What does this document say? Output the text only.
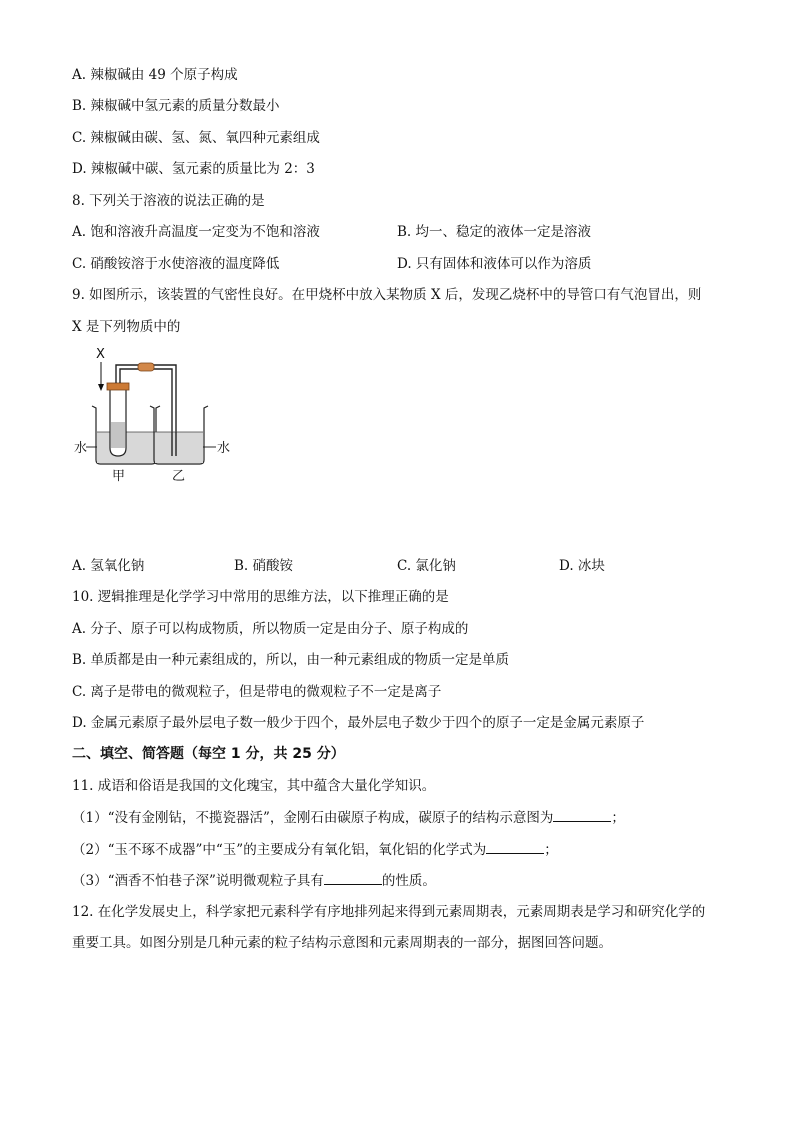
A. 辣椒碱由 49 个原子构成
B. 辣椒碱中氢元素的质量分数最小
C. 辣椒碱由碳、氢、氮、氧四种元素组成
D. 辣椒碱中碳、氢元素的质量比为 2：3
8. 下列关于溶液的说法正确的是
A. 饱和溶液升高温度一定变为不饱和溶液	B. 均一、稳定的液体一定是溶液
C. 硝酸铵溶于水使溶液的温度降低	D. 只有固体和液体可以作为溶质
9. 如图所示，该装置的气密性良好。在甲烧杯中放入某物质 X 后，发现乙烧杯中的导管口有气泡冒出，则
X 是下列物质中的
X
水	水
甲	乙
A. 氢氧化钠	B. 硝酸铵	C. 氯化钠	D. 冰块
10. 逻辑推理是化学学习中常用的思维方法，以下推理正确的是
A. 分子、原子可以构成物质，所以物质一定是由分子、原子构成的
B. 单质都是由一种元素组成的，所以，由一种元素组成的物质一定是单质
C. 离子是带电的微观粒子，但是带电的微观粒子不一定是离子
D. 金属元素原子最外层电子数一般少于四个，最外层电子数少于四个的原子一定是金属元素原子
二、填空、简答题（每空 1 分，共 25 分）
11. 成语和俗语是我国的文化瑰宝，其中蕴含大量化学知识。
（1）“没有金刚钻，不揽瓷器活”，金刚石由碳原子构成，碳原子的结构示意图为	；
（2）“玉不琢不成器”中“玉”的主要成分有氧化铝，氧化铝的化学式为	；
（3）“酒香不怕巷子深”说明微观粒子具有	的性质。
12. 在化学发展史上，科学家把元素科学有序地排列起来得到元素周期表，元素周期表是学习和研究化学的
重要工具。如图分别是几种元素的粒子结构示意图和元素周期表的一部分，据图回答问题。
